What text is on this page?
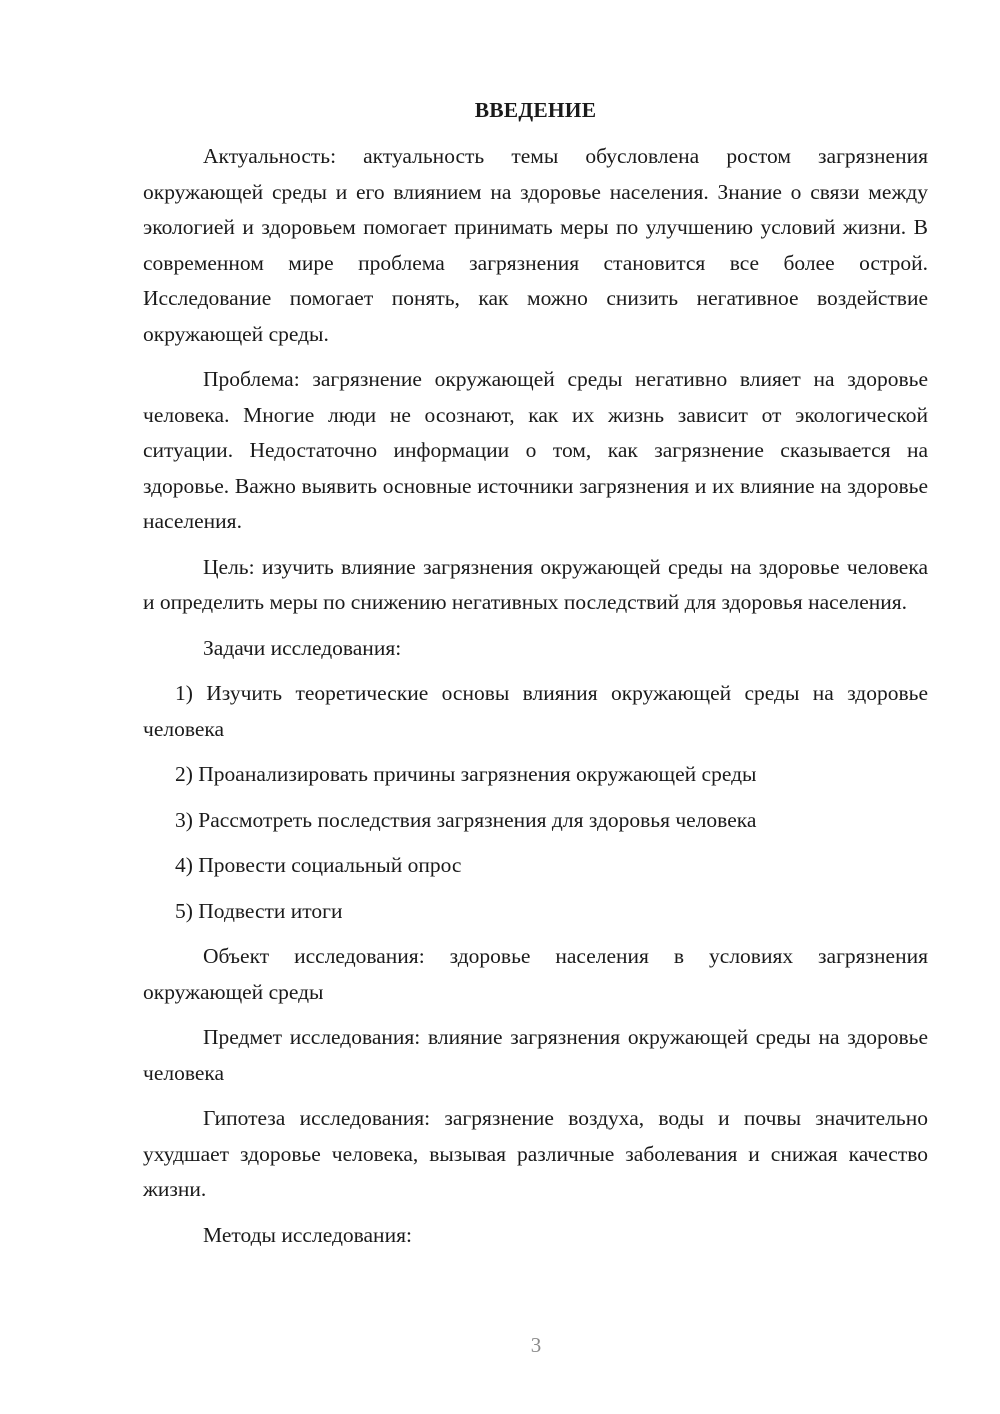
ВВЕДЕНИЕ

Актуальность: актуальность темы обусловлена ростом загрязнения окружающей среды и его влиянием на здоровье населения. Знание о связи между экологией и здоровьем помогает принимать меры по улучшению условий жизни. В современном мире проблема загрязнения становится все более острой. Исследование помогает понять, как можно снизить негативное воздействие окружающей среды.

Проблема: загрязнение окружающей среды негативно влияет на здоровье человека. Многие люди не осознают, как их жизнь зависит от экологической ситуации. Недостаточно информации о том, как загрязнение сказывается на здоровье. Важно выявить основные источники загрязнения и их влияние на здоровье населения.

Цель: изучить влияние загрязнения окружающей среды на здоровье человека и определить меры по снижению негативных последствий для здоровья населения.

Задачи исследования:

1) Изучить теоретические основы влияния окружающей среды на здоровье человека

2) Проанализировать причины загрязнения окружающей среды

3) Рассмотреть последствия загрязнения для здоровья человека

4) Провести социальный опрос

5) Подвести итоги

Объект исследования: здоровье населения в условиях загрязнения окружающей среды

Предмет исследования: влияние загрязнения окружающей среды на здоровье человека

Гипотеза исследования: загрязнение воздуха, воды и почвы значительно ухудшает здоровье человека, вызывая различные заболевания и снижая качество жизни.

Методы исследования:

3
